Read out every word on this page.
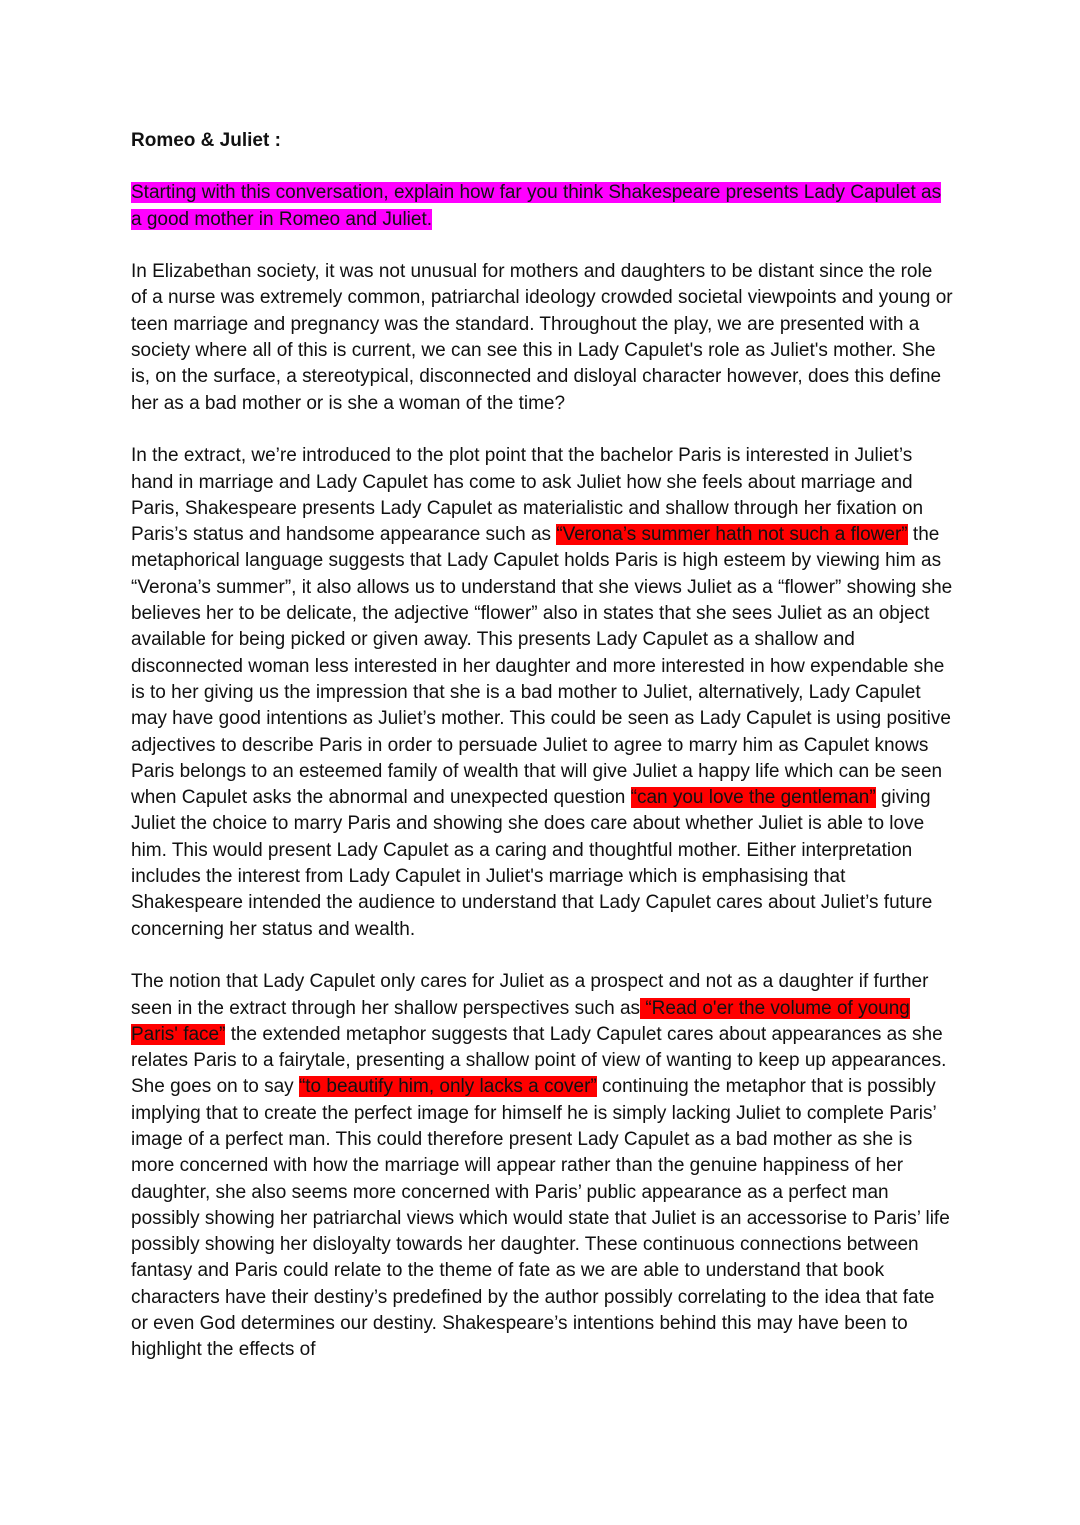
Romeo & Juliet :

Starting with this conversation, explain how far you think Shakespeare presents Lady Capulet as a good mother in Romeo and Juliet.

In Elizabethan society, it was not unusual for mothers and daughters to be distant since the role of a nurse was extremely common, patriarchal ideology crowded societal viewpoints and young or teen marriage and pregnancy was the standard. Throughout the play, we are presented with a society where all of this is current, we can see this in Lady Capulet's role as Juliet's mother. She is, on the surface, a stereotypical, disconnected and disloyal character however, does this define her as a bad mother or is she a woman of the time?

In the extract, we’re introduced to the plot point that the bachelor Paris is interested in Juliet’s hand in marriage and Lady Capulet has come to ask Juliet how she feels about marriage and Paris, Shakespeare presents Lady Capulet as materialistic and shallow through her fixation on Paris’s status and handsome appearance such as “Verona’s summer hath not such a flower” the metaphorical language suggests that Lady Capulet holds Paris is high esteem by viewing him as “Verona’s summer”, it also allows us to understand that she views Juliet as a “flower” showing she believes her to be delicate, the adjective “flower” also in states that she sees Juliet as an object available for being picked or given away. This presents Lady Capulet as a shallow and disconnected woman less interested in her daughter and more interested in how expendable she is to her giving us the impression that she is a bad mother to Juliet, alternatively, Lady Capulet may have good intentions as Juliet’s mother. This could be seen as Lady Capulet is using positive adjectives to describe Paris in order to persuade Juliet to agree to marry him as Capulet knows Paris belongs to an esteemed family of wealth that will give Juliet a happy life which can be seen when Capulet asks the abnormal and unexpected question “can you love the gentleman” giving Juliet the choice to marry Paris and showing she does care about whether Juliet is able to love him. This would present Lady Capulet as a caring and thoughtful mother. Either interpretation includes the interest from Lady Capulet in Juliet's marriage which is emphasising that Shakespeare intended the audience to understand that Lady Capulet cares about Juliet’s future concerning her status and wealth.

The notion that Lady Capulet only cares for Juliet as a prospect and not as a daughter if further seen in the extract through her shallow perspectives such as “Read o'er the volume of young Paris' face” the extended metaphor suggests that Lady Capulet cares about appearances as she relates Paris to a fairytale, presenting a shallow point of view of wanting to keep up appearances. She goes on to say “to beautify him, only lacks a cover” continuing the metaphor that is possibly implying that to create the perfect image for himself he is simply lacking Juliet to complete Paris’ image of a perfect man. This could therefore present Lady Capulet as a bad mother as she is more concerned with how the marriage will appear rather than the genuine happiness of her daughter, she also seems more concerned with Paris’ public appearance as a perfect man possibly showing her patriarchal views which would state that Juliet is an accessorise to Paris’ life possibly showing her disloyalty towards her daughter. These continuous connections between fantasy and Paris could relate to the theme of fate as we are able to understand that book characters have their destiny’s predefined by the author possibly correlating to the idea that fate or even God determines our destiny. Shakespeare’s intentions behind this may have been to highlight the effects of
